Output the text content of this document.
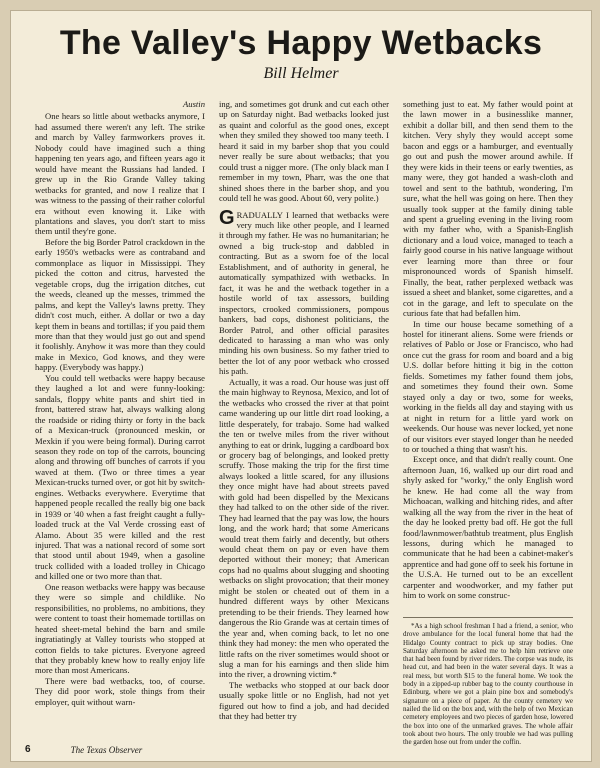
The Valley's Happy Wetbacks
Bill Helmer

Austin

One hears so little about wetbacks anymore, I had assumed there weren't any left. The strike and march by Valley farmworkers proves it. Nobody could have imagined such a thing happening ten years ago, and fifteen years ago it would have meant the Russians had landed. I grew up in the Rio Grande Valley taking wetbacks for granted, and now I realize that I was witness to the passing of their rather colorful era without even knowing it. Like with plantations and slaves, you don't start to miss them until they're gone.

Before the big Border Patrol crackdown in the early 1950's wetbacks were as contraband and commonplace as liquor in Mississippi. They picked the cotton and citrus, harvested the vegetable crops, dug the irrigation ditches, cut the weeds, cleaned up the messes, trimmed the palms, and kept the Valley's lawns pretty. They didn't cost much, either. A dollar or two a day kept them in beans and tortillas; if you paid them more than that they would just go out and spend it foolishly. Anyhow it was more than they could make in Mexico, God knows, and they were happy. (Everybody was happy.)

You could tell wetbacks were happy because they laughed a lot and were funny-looking: sandals, floppy white pants and shirt tied in front, battered straw hat, always walking along the roadside or riding thirty or forty in the back of a Mexican-truck (pronounced meskin, or Mexkin if you were being formal). During carrot season they rode on top of the carrots, bouncing along and throwing off bunches of carrots if you waved at them. (Two or three times a year Mexican-trucks turned over, or got hit by switch-engines. Wetbacks everywhere. Everytime that happened people recalled the really big one back in 1939 or '40 when a fast freight caught a fully-loaded truck at the Val Verde crossing east of Alamo. About 35 were killed and the rest injured. That was a national record of some sort that stood until about 1949, when a gasoline truck collided with a loaded trolley in Chicago and killed one or two more than that.

One reason wetbacks were happy was because they were so simple and childlike. No responsibilities, no problems, no ambitions, they were content to toast their homemade tortillas on heated sheet-metal behind the barn and smile ingratiatingly at Valley tourists who stopped at cotton fields to take pictures. Everyone agreed that they probably knew how to really enjoy life more than most Americans.

There were bad wetbacks, too, of course. They did poor work, stole things from their employer, quit without warn-

ing, and sometimes got drunk and cut each other up on Saturday night. Bad wetbacks looked just as quaint and colorful as the good ones, except when they smiled they showed too many teeth. I heard it said in my barber shop that you could never really be sure about wetbacks; that you could trust a nigger more. (The only black man I remember in my town, Pharr, was the one that shined shoes there in the barber shop, and you could tell he was good. About 60, very polite.)

GRADUALLY I learned that wetbacks were very much like other people, and I learned it through my father. He was no humanitarian; he owned a big truck-stop and dabbled in contracting. But as a sworn foe of the local Establishment, and of authority in general, he automatically sympathized with wetbacks. In fact, it was he and the wetback together in a hostile world of tax assessors, building inspectors, crooked commissioners, pompous bankers, bad cops, dishonest politicians, the Border Patrol, and other official parasites dedicated to harassing a man who was only minding his own business. So my father tried to better the lot of any poor wetback who crossed his path.

Actually, it was a road. Our house was just off the main highway to Reynosa, Mexico, and lot of the wetbacks who crossed the river at that point came wandering up our little dirt road looking, a little desperately, for trabajo. Some had walked the ten or twelve miles from the river without anything to eat or drink, lugging a cardboard box or grocery bag of belongings, and looked pretty scruffy. Those making the trip for the first time always looked a little scared, for any illusions they once might have had about streets paved with gold had been dispelled by the Mexicans they had talked to on the other side of the river. They had learned that the pay was low, the hours long, and the work hard; that some Americans would treat them fairly and decently, but others would cheat them on pay or even have them deported without their money; that American cops had no qualms about slugging and shooting wetbacks on slight provocation; that their money might be stolen or cheated out of them in a hundred different ways by other Mexicans pretending to be their friends. They learned how dangerous the Rio Grande was at certain times of the year and, when coming back, to let no one think they had money: the men who operated the little rafts on the river sometimes would shoot or slug a man for his earnings and then slide him into the river, a drowning victim.*

The wetbacks who stopped at our back door usually spoke little or no English, had not yet figured out how to find a job, and had decided that they had better try

something just to eat. My father would point at the lawn mower in a businesslike manner, exhibit a dollar bill, and then send them to the kitchen. Very shyly they would accept some bacon and eggs or a hamburger, and eventually go out and push the mower around awhile. If they were kids in their teens or early twenties, as many were, they got handed a wash-cloth and towel and sent to the bathtub, wondering, I'm sure, what the hell was going on here. Then they usually took supper at the family dining table and spent a grueling evening in the living room with my father who, with a Spanish-English dictionary and a loud voice, managed to teach a fairly good course in his native language without ever learning more than three or four mispronounced words of Spanish himself. Finally, the beat, rather perplexed wetback was issued a sheet and blanket, some cigarettes, and a cot in the garage, and left to speculate on the curious fate that had befallen him.

In time our house became something of a hostel for itinerant aliens. Some were friends or relatives of Pablo or Jose or Francisco, who had once cut the grass for room and board and a big U.S. dollar before hitting it big in the cotton fields. Sometimes my father found them jobs, and sometimes they found their own. Some stayed only a day or two, some for weeks, working in the fields all day and staying with us at night in return for a little yard work on weekends. Our house was never locked, yet none of our visitors ever stayed longer than he needed to or touched a thing that wasn't his.

Except once, and that didn't really count. One afternoon Juan, 16, walked up our dirt road and shyly asked for "worky," the only English word he knew. He had come all the way from Michoacan, walking and hitching rides, and after walking all the way from the river in the heat of the day he looked pretty bad off. He got the full food/lawnmower/bathtub treatment, plus English lessons, during which he managed to communicate that he had been a cabinet-maker's apprentice and had gone off to seek his fortune in the U.S.A. He turned out to be an excellent carpenter and woodworker, and my father put him to work on some construc-

*As a high school freshman I had a friend, a senior, who drove ambulance for the local funeral home that had the Hidalgo County contract to pick up stray bodies. One Saturday afternoon he asked me to help him retrieve one that had been found by river riders. The corpse was nude, its head cut, and had been in the water several days. It was a real mess, but worth $15 to the funeral home. We took the body in a zipped-up rubber bag to the county courthouse in Edinburg, where we got a plain pine box and somebody's signature on a piece of paper. At the county cemetery we nailed the lid on the box and, with the help of two Mexican cemetery employees and two pieces of garden hose, lowered the box into one of the unmarked graves. The whole affair took about two hours. The only trouble we had was pulling the garden hose out from under the coffin.

6	The Texas Observer
